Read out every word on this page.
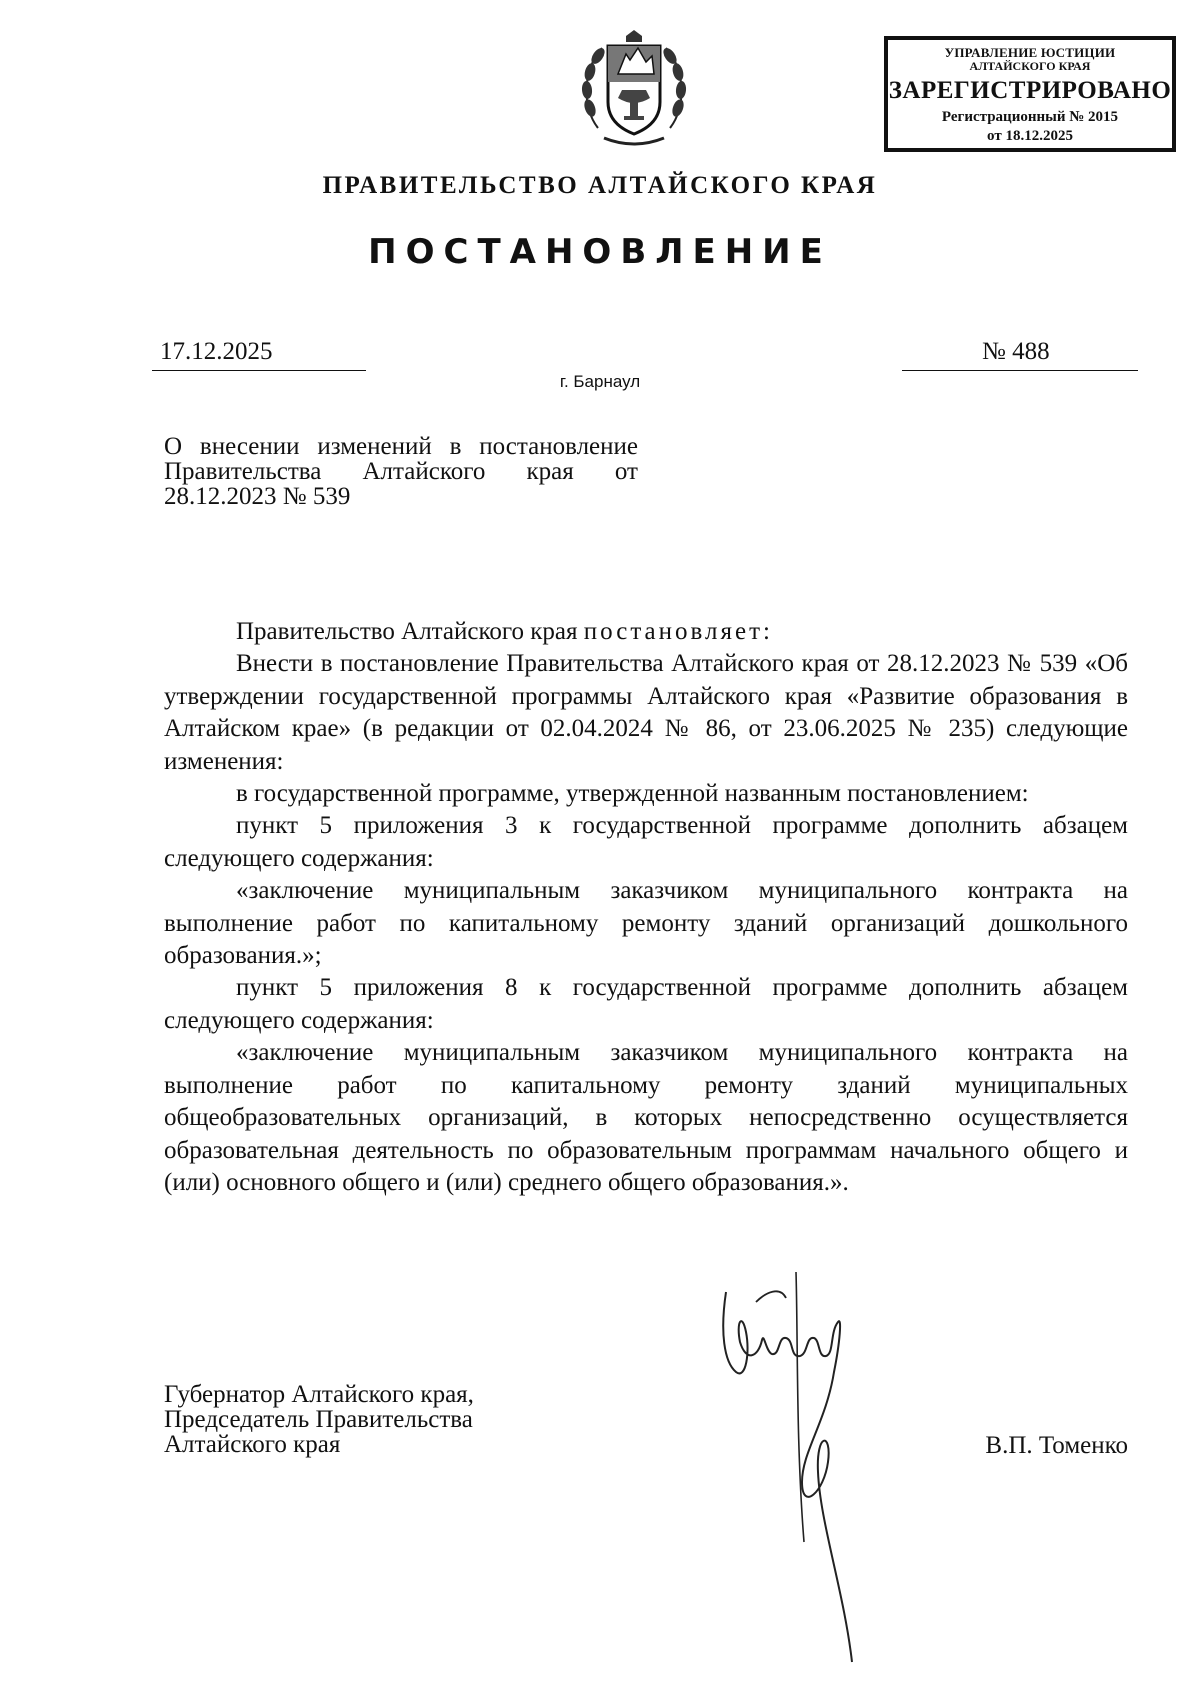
УПРАВЛЕНИЕ ЮСТИЦИИ
АЛТАЙСКОГО КРАЯ
ЗАРЕГИСТРИРОВАНО
Регистрационный № 2015
от 18.12.2025
ПРАВИТЕЛЬСТВО АЛТАЙСКОГО КРАЯ
ПОСТАНОВЛЕНИЕ
17.12.2025	№ 488
г. Барнаул
О внесении изменений в постановление Правительства Алтайского края от 28.12.2023 № 539

Правительство Алтайского края постановляет:

Внести в постановление Правительства Алтайского края от 28.12.2023 № 539 «Об утверждении государственной программы Алтайского края «Развитие образования в Алтайском крае» (в редакции от 02.04.2024 № 86, от 23.06.2025 № 235) следующие изменения:

в государственной программе, утвержденной названным постановлением:

пункт 5 приложения 3 к государственной программе дополнить абзацем следующего содержания:

«заключение муниципальным заказчиком муниципального контракта на выполнение работ по капитальному ремонту зданий организаций дошкольного образования.»;

пункт 5 приложения 8 к государственной программе дополнить абзацем следующего содержания:

«заключение муниципальным заказчиком муниципального контракта на выполнение работ по капитальному ремонту зданий муниципальных общеобразовательных организаций, в которых непосредственно осуществляется образовательная деятельность по образовательным программам начального общего и (или) основного общего и (или) среднего общего образования.».

Губернатор Алтайского края,
Председатель Правительства
Алтайского края	В.П. Томенко
